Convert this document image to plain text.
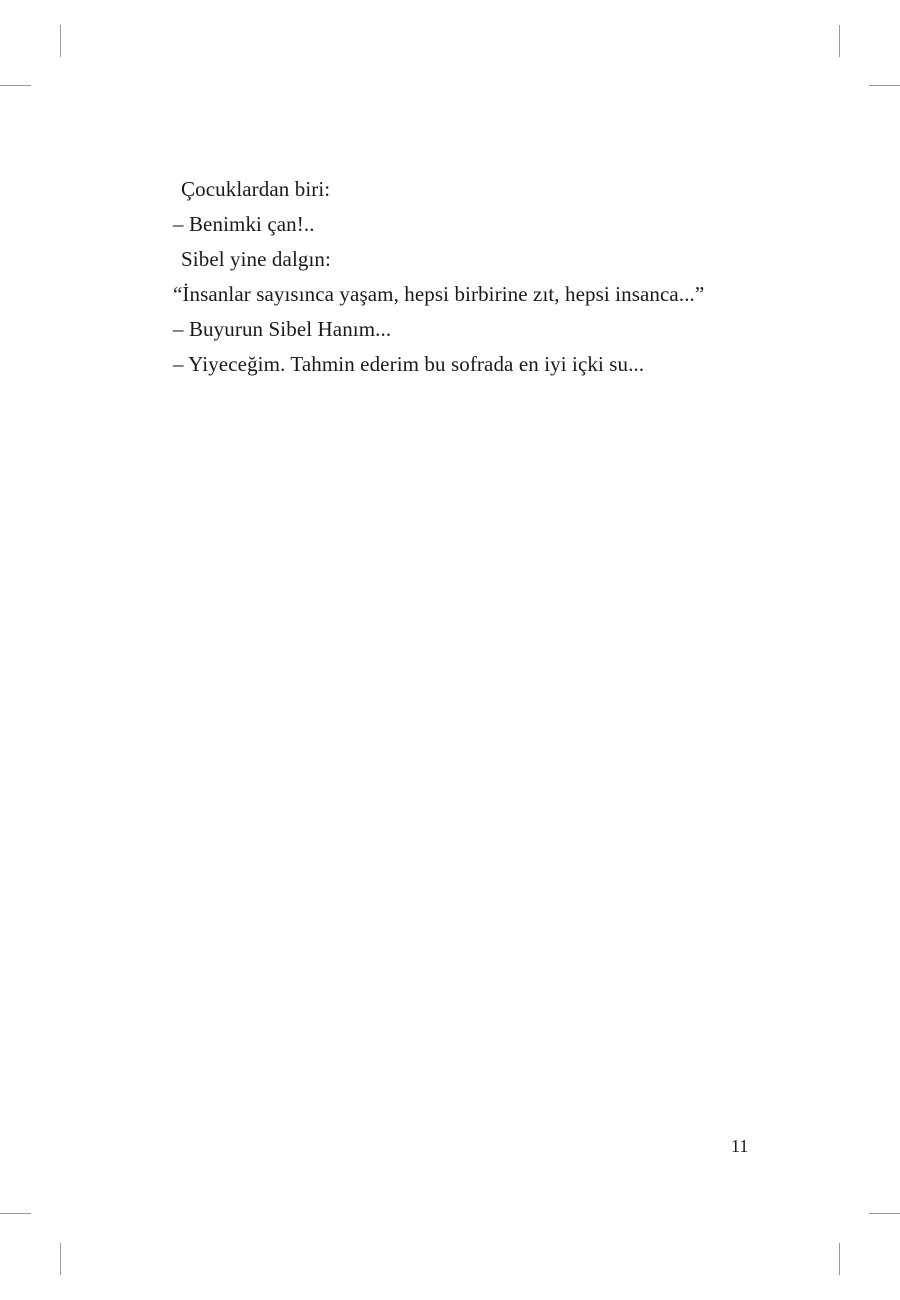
Çocuklardan biri:
– Benimki çan!..
Sibel yine dalgın:
“İnsanlar sayısınca yaşam, hepsi birbirine zıt, hepsi insanca...”
– Buyurun Sibel Hanım...
– Yiyeceğim. Tahmin ederim bu sofrada en iyi içki su...
11
